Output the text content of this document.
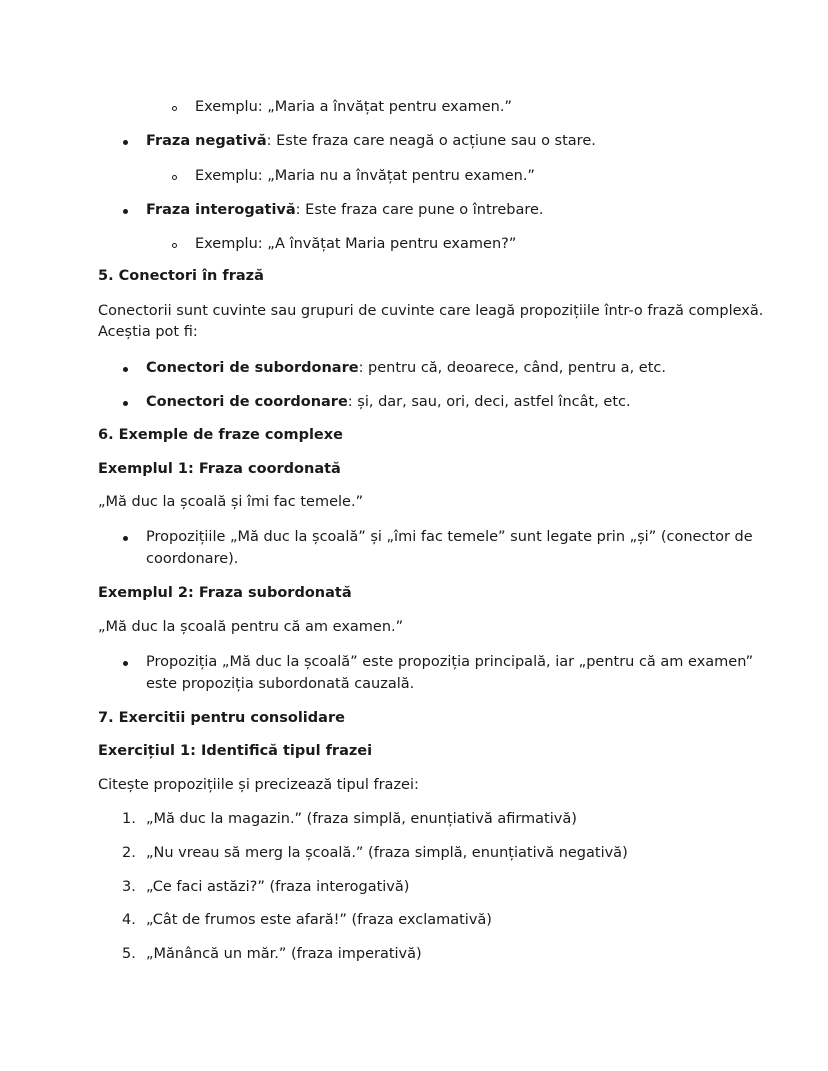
Exemplu: „Maria a învățat pentru examen.”
Fraza negativă: Este fraza care neagă o acțiune sau o stare.
Exemplu: „Maria nu a învățat pentru examen.”
Fraza interogativă: Este fraza care pune o întrebare.
Exemplu: „A învățat Maria pentru examen?”
5. Conectori în frază
Conectorii sunt cuvinte sau grupuri de cuvinte care leagă propozițiile într-o frază complexă.
Aceștia pot fi:
Conectori de subordonare: pentru că, deoarece, când, pentru a, etc.
Conectori de coordonare: și, dar, sau, ori, deci, astfel încât, etc.
6. Exemple de fraze complexe
Exemplul 1: Fraza coordonată
„Mă duc la școală și îmi fac temele.”
Propozițiile „Mă duc la școală” și „îmi fac temele” sunt legate prin „și” (conector de
coordonare).
Exemplul 2: Fraza subordonată
„Mă duc la școală pentru că am examen.”
Propoziția „Mă duc la școală” este propoziția principală, iar „pentru că am examen”
este propoziția subordonată cauzală.
7. Exercitii pentru consolidare
Exercițiul 1: Identifică tipul frazei
Citește propozițiile și precizează tipul frazei:
1. „Mă duc la magazin.” (fraza simplă, enunțiativă afirmativă)
2. „Nu vreau să merg la școală.” (fraza simplă, enunțiativă negativă)
3. „Ce faci astăzi?” (fraza interogativă)
4. „Cât de frumos este afară!” (fraza exclamativă)
5. „Mănâncă un măr.” (fraza imperativă)
